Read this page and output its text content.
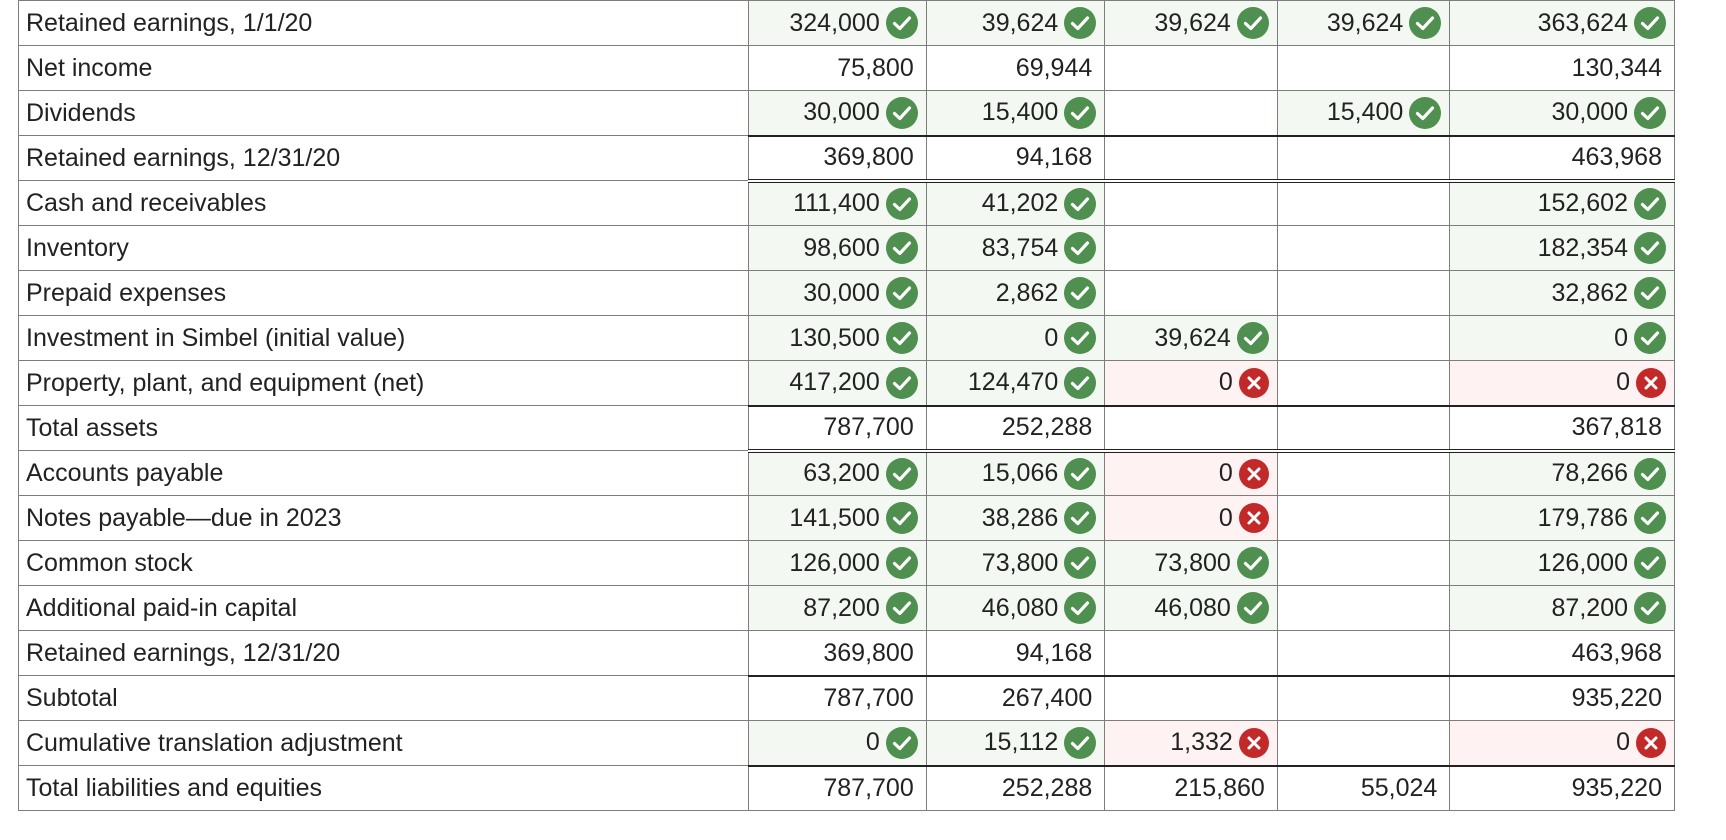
Retained earnings, 1/1/20	324,000	39,624	39,624	39,624	363,624

Net income	75,800	69,944			130,344
Dividends	30,000	15,400		15,400	30,000

Retained earnings, 12/31/20	369,800	94,168			463,968
Cash and receivables	111,400	41,202			152,602

Inventory	98,600	83,754			182,354

Prepaid expenses	30,000	2,862			32,862

Investment in Simbel (initial value)	130,500	0	39,624		0

Property, plant, and equipment (net)	417,200	124,470	0		0

Total assets	787,700	252,288			367,818
Accounts payable	63,200	15,066	0		78,266

Notes payable—due in 2023	141,500	38,286	0		179,786

Common stock	126,000	73,800	73,800		126,000

Additional paid-in capital	87,200	46,080	46,080		87,200

Retained earnings, 12/31/20	369,800	94,168			463,968
Subtotal	787,700	267,400			935,220
Cumulative translation adjustment	0	15,112	1,332		0

Total liabilities and equities	787,700	252,288	215,860	55,024	935,220
